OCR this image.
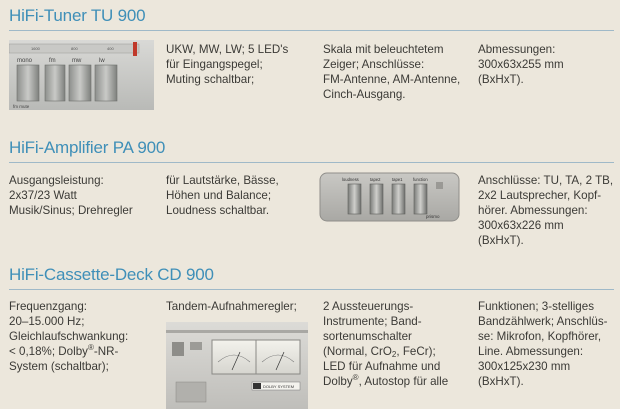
HiFi-Tuner TU 900
1600	800	400
mono	fm	mw	lw
fm mute
UKW, MW, LW; 5 LED's
für Eingangspegel;
Muting schaltbar;
Skala mit beleuchtetem
Zeiger; Anschlüsse:
FM-Antenne, AM-Antenne,
Cinch-Ausgang.
Abmessungen:
300x63x255 mm
(BxHxT).
HiFi-Amplifier PA 900
Ausgangsleistung:
2x37/23 Watt
Musik/Sinus; Drehregler
für Lautstärke, Bässe,
Höhen und Balance;
Loudness schaltbar.
loudness	tape2	tape1	function
prismo
Anschlüsse: TU, TA, 2 TB,
2x2 Lautsprecher, Kopf-
hörer. Abmessungen:
300x63x226 mm
(BxHxT).
HiFi-Cassette-Deck CD 900
Frequenzgang:
20–15.000 Hz;
Gleichlaufschwankung:
< 0,18%; Dolby®-NR-
System (schaltbar);
Tandem-Aufnahmeregler;
DOLBY SYSTEM
2 Aussteuerungs-
Instrumente; Band-
sortenumschalter
(Normal, CrO$_2$, FeCr);
LED für Aufnahme und
Dolby®, Autostop für alle
Funktionen; 3-stelliges
Bandzählwerk; Anschlüs-
se: Mikrofon, Kopfhörer,
Line. Abmessungen:
300x125x230 mm
(BxHxT).
